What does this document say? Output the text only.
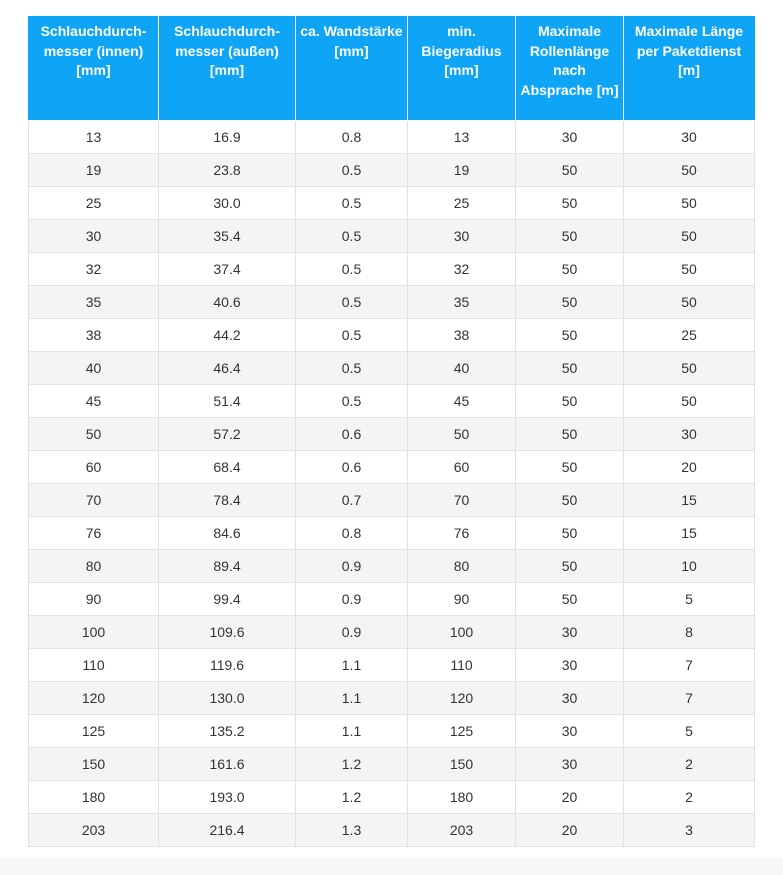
Schlauchdurchmesser (innen) [mm]	Schlauchdurchmesser (außen) [mm]	ca. Wandstärke [mm]	min. Biegeradius [mm]	Maximale Rollenlänge nach Absprache [m]	Maximale Länge per Paketdienst [m]
13	16.9	0.8	13	30	30
19	23.8	0.5	19	50	50
25	30.0	0.5	25	50	50
30	35.4	0.5	30	50	50
32	37.4	0.5	32	50	50
35	40.6	0.5	35	50	50
38	44.2	0.5	38	50	25
40	46.4	0.5	40	50	50
45	51.4	0.5	45	50	50
50	57.2	0.6	50	50	30
60	68.4	0.6	60	50	20
70	78.4	0.7	70	50	15
76	84.6	0.8	76	50	15
80	89.4	0.9	80	50	10
90	99.4	0.9	90	50	5
100	109.6	0.9	100	30	8
110	119.6	1.1	110	30	7
120	130.0	1.1	120	30	7
125	135.2	1.1	125	30	5
150	161.6	1.2	150	30	2
180	193.0	1.2	180	20	2
203	216.4	1.3	203	20	3
